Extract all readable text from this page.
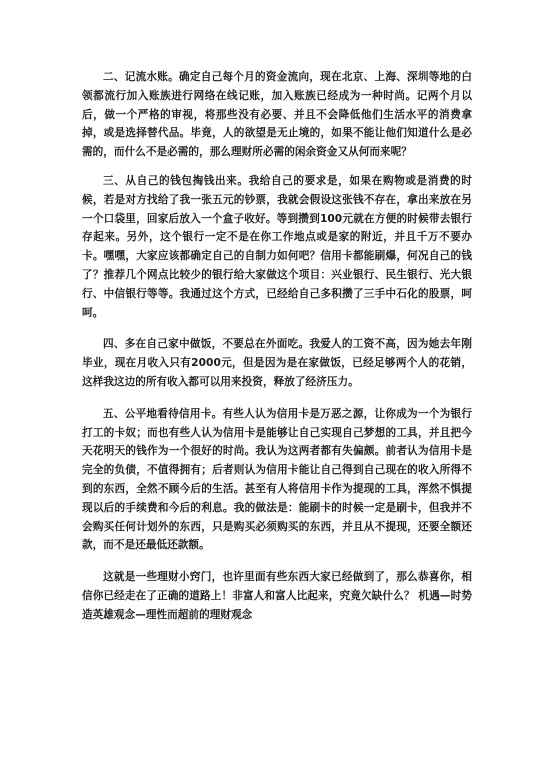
二、记流水账。确定自己每个月的资金流向，现在北京、上海、深圳等地的白领都流行加入账族进行网络在线记账，加入账族已经成为一种时尚。记两个月以后，做一个严格的审视，将那些没有必要、并且不会降低他们生活水平的消费拿掉，或是选择替代品。毕竟，人的欲望是无止境的，如果不能让他们知道什么是必需的，而什么不是必需的，那么理财所必需的闲余资金又从何而来呢？

三、从自己的钱包掏钱出来。我给自己的要求是，如果在购物或是消费的时候，若是对方找给了我一张五元的钞票，我就会假设这张钱不存在，拿出来放在另一个口袋里，回家后放入一个盒子收好。等到攒到100元就在方便的时候带去银行存起来。另外，这个银行一定不是在你工作地点或是家的附近，并且千万不要办卡。嘿嘿，大家应该都确定自己的自制力如何吧？信用卡都能刷爆，何况自己的钱了？推荐几个网点比较少的银行给大家做这个项目：兴业银行、民生银行、光大银行、中信银行等等。我通过这个方式，已经给自己多积攒了三手中石化的股票，呵呵。

四、多在自己家中做饭，不要总在外面吃。我爱人的工资不高，因为她去年刚毕业，现在月收入只有2000元，但是因为是在家做饭，已经足够两个人的花销，这样我这边的所有收入都可以用来投资，释放了经济压力。

五、公平地看待信用卡。有些人认为信用卡是万恶之源，让你成为一个为银行打工的卡奴；而也有些人认为信用卡是能够让自己实现自己梦想的工具，并且把今天花明天的钱作为一个很好的时尚。我认为这两者都有失偏颇。前者认为信用卡是完全的负债，不值得拥有；后者则认为信用卡能让自己得到自己现在的收入所得不到的东西，全然不顾今后的生活。甚至有人将信用卡作为提现的工具，浑然不惧提现以后的手续费和今后的利息。我的做法是：能刷卡的时候一定是刷卡，但我并不会购买任何计划外的东西，只是购买必须购买的东西，并且从不提现，还要全额还款，而不是还最低还款额。

这就是一些理财小窍门，也许里面有些东西大家已经做到了，那么恭喜你，相信你已经走在了正确的道路上！非富人和富人比起来，究竟欠缺什么？ 机遇—时势造英雄观念—理性而超前的理财观念
